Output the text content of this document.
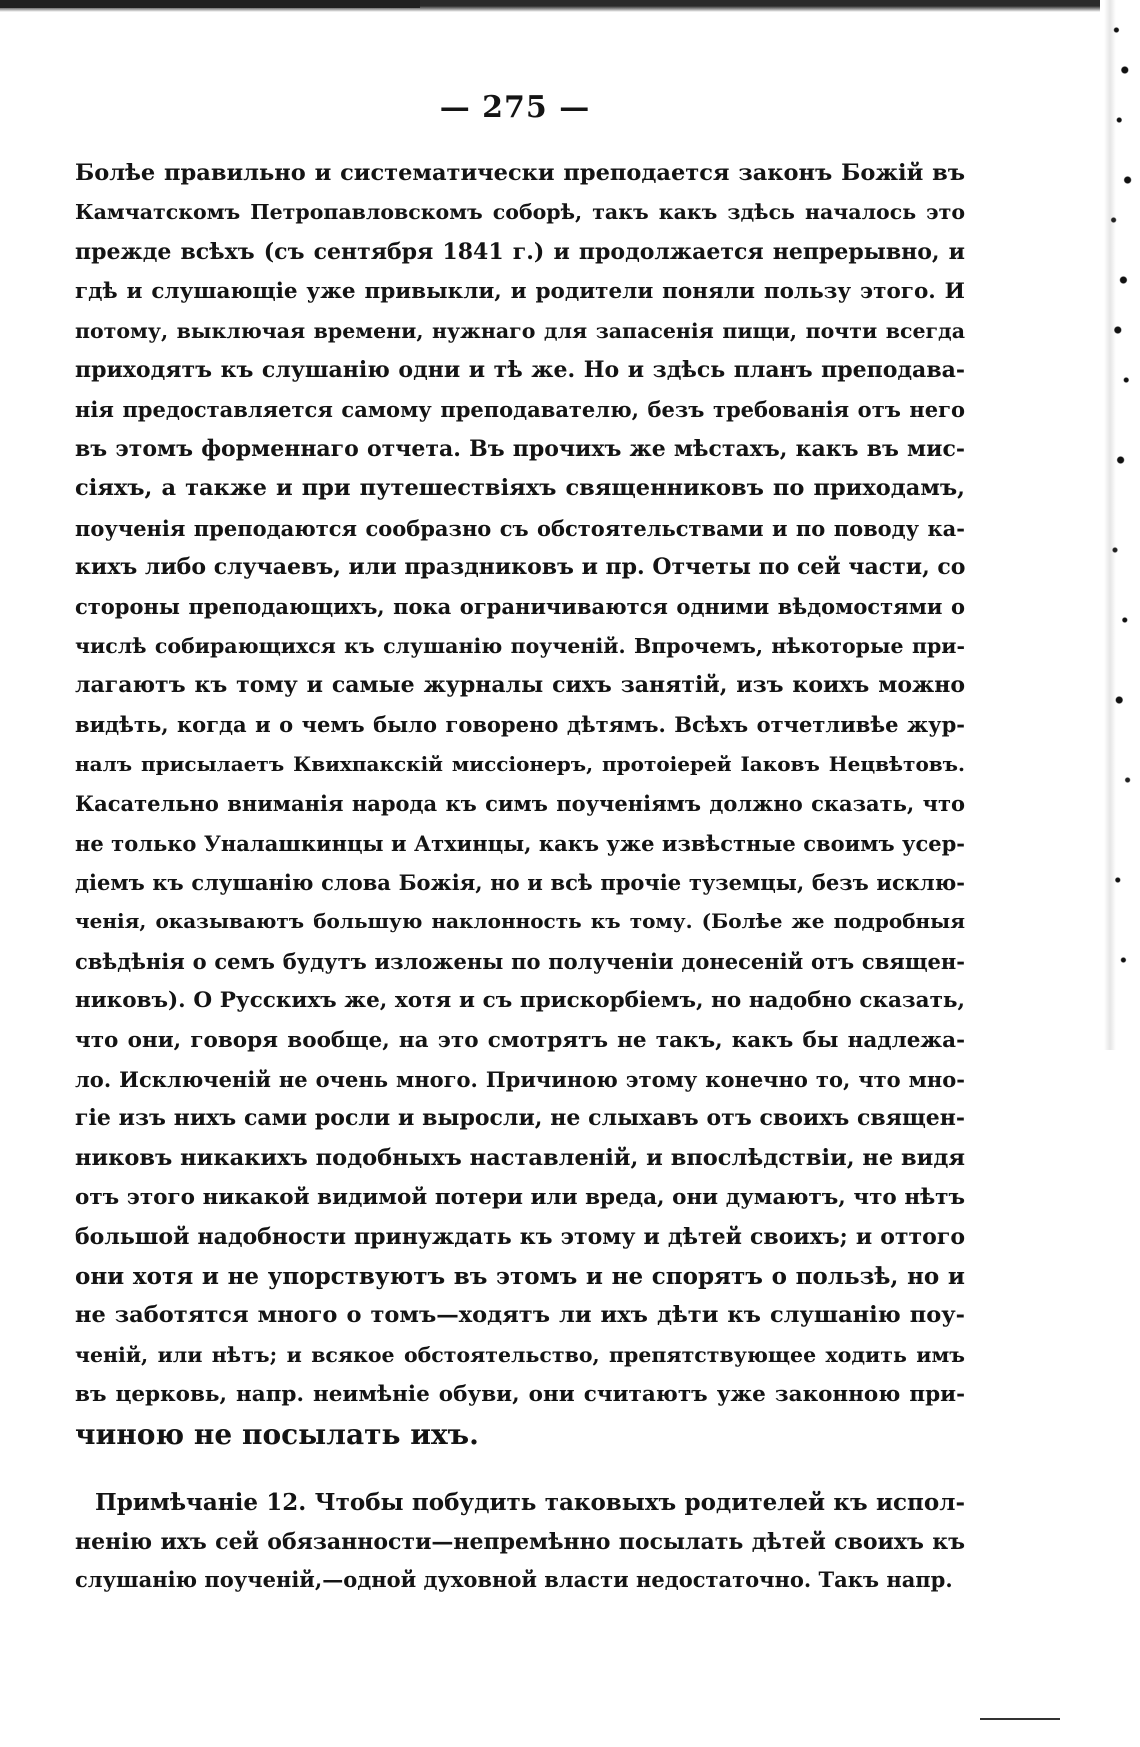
— 275 —
Болѣе правильно и систематически преподается законъ Божій въ
Камчатскомъ Петропавловскомъ соборѣ, такъ какъ здѣсь началось это
прежде всѣхъ (съ сентября 1841 г.) и продолжается непрерывно, и
гдѣ и слушающіе уже привыкли, и родители поняли пользу этого. И
потому, выключая времени, нужнаго для запасенія пищи, почти всегда
приходятъ къ слушанію одни и тѣ же. Но и здѣсь планъ преподава-
нія предоставляется самому преподавателю, безъ требованія отъ него
въ этомъ форменнаго отчета. Въ прочихъ же мѣстахъ, какъ въ мис-
сіяхъ, а также и при путешествіяхъ священниковъ по приходамъ,
поученія преподаются сообразно съ обстоятельствами и по поводу ка-
кихъ либо случаевъ, или праздниковъ и пр. Отчеты по сей части, со
стороны преподающихъ, пока ограничиваются одними вѣдомостями о
числѣ собирающихся къ слушанію поученій. Впрочемъ, нѣкоторые при-
лагаютъ къ тому и самые журналы сихъ занятій, изъ коихъ можно
видѣть, когда и о чемъ было говорено дѣтямъ. Всѣхъ отчетливѣе жур-
налъ присылаетъ Квихпакскій миссіонеръ, протоіерей Іаковъ Нецвѣтовъ.
Касательно вниманія народа къ симъ поученіямъ должно сказать, что
не только Уналашкинцы и Атхинцы, какъ уже извѣстные своимъ усер-
діемъ къ слушанію слова Божія, но и всѣ прочіе туземцы, безъ исклю-
ченія, оказываютъ большую наклонность къ тому. (Болѣе же подробныя
свѣдѣнія о семъ будутъ изложены по полученіи донесеній отъ священ-
никовъ). О Русскихъ же, хотя и съ прискорбіемъ, но надобно сказать,
что они, говоря вообще, на это смотрятъ не такъ, какъ бы надлежа-
ло. Исключеній не очень много. Причиною этому конечно то, что мно-
гіе изъ нихъ сами росли и выросли, не слыхавъ отъ своихъ священ-
никовъ никакихъ подобныхъ наставленій, и впослѣдствіи, не видя
отъ этого никакой видимой потери или вреда, они думаютъ, что нѣтъ
большой надобности принуждать къ этому и дѣтей своихъ; и оттого
они хотя и не упорствуютъ въ этомъ и не спорятъ о пользѣ, но и
не заботятся много о томъ—ходятъ ли ихъ дѣти къ слушанію поу-
ченій, или нѣтъ; и всякое обстоятельство, препятствующее ходить имъ
въ церковь, напр. неимѣніе обуви, они считаютъ уже законною при-
чиною не посылать ихъ.
Примѣчаніе 12. Чтобы побудить таковыхъ родителей къ испол-
ненію ихъ сей обязанности—непремѣнно посылать дѣтей своихъ къ
слушанію поученій,—одной духовной власти недостаточно. Такъ напр.
